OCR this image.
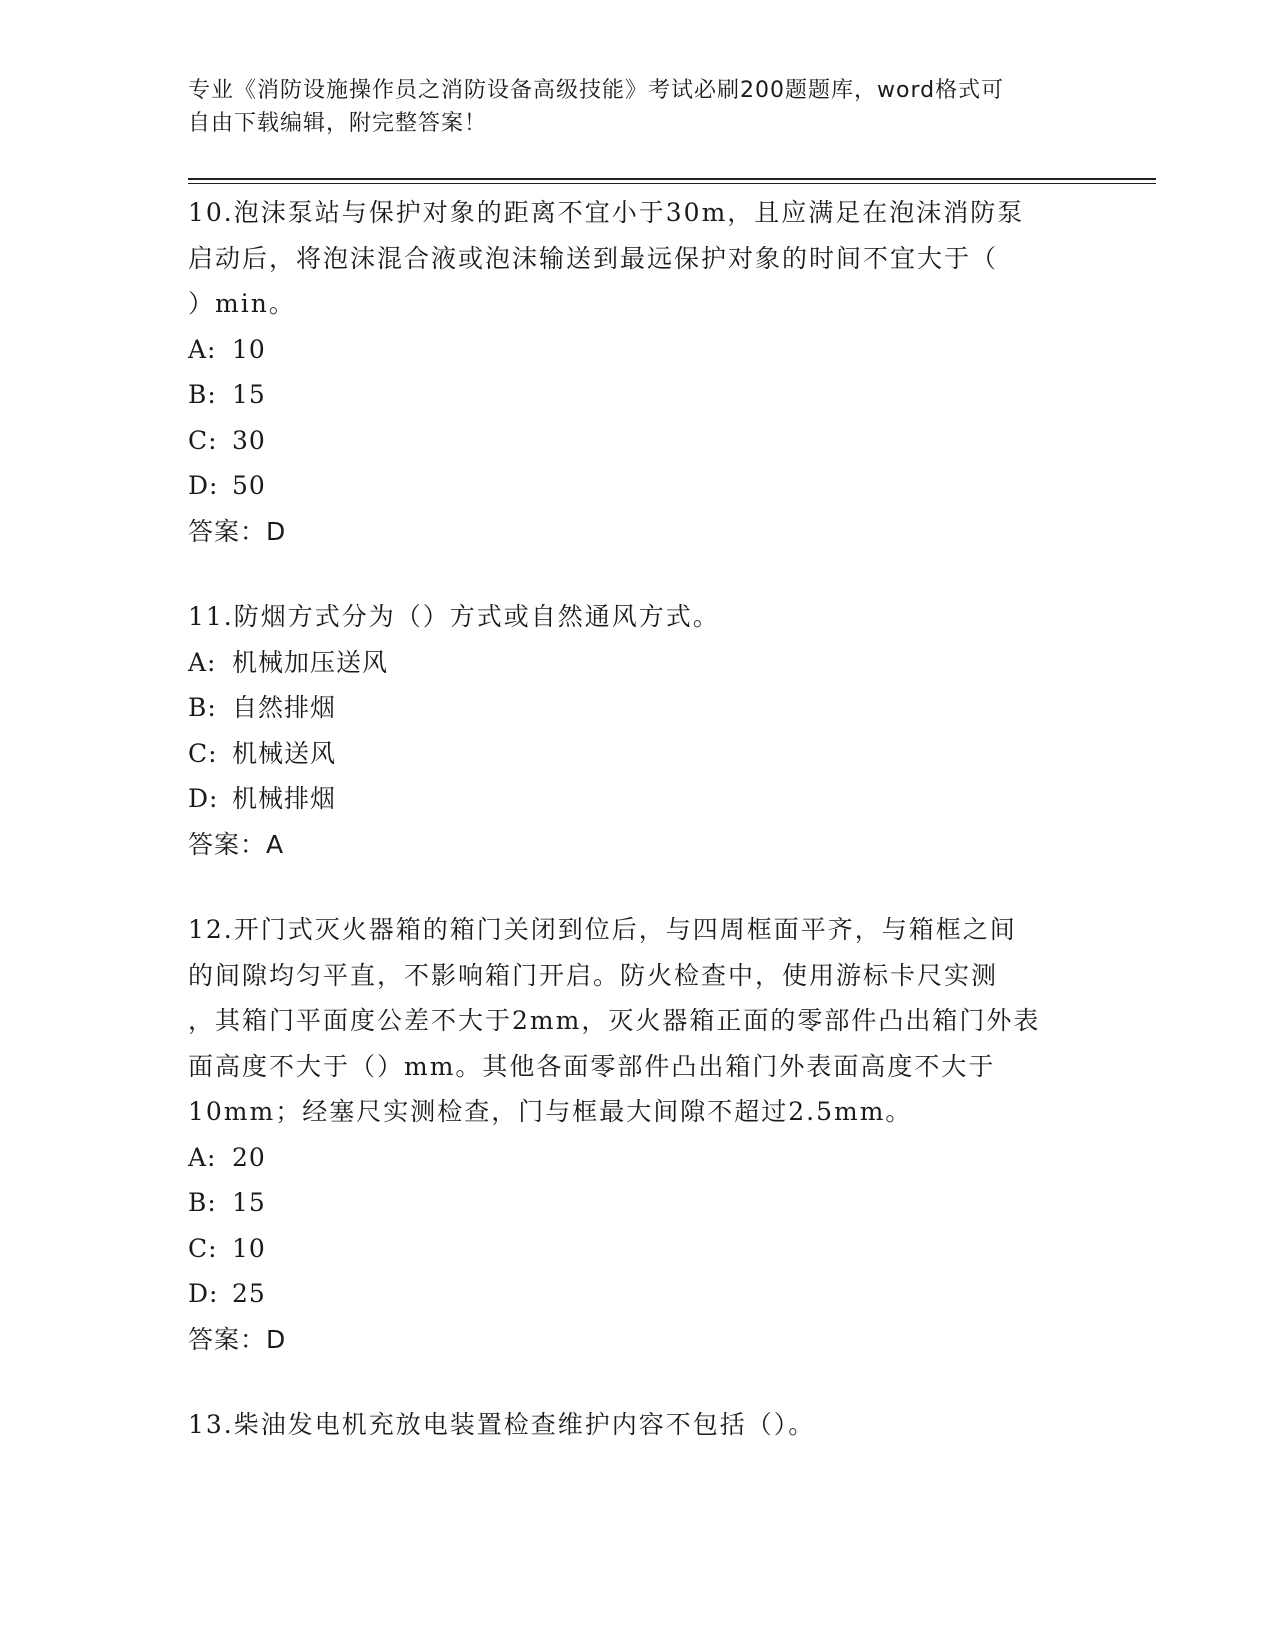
专业《消防设施操作员之消防设备高级技能》考试必刷200题题库，word格式可
自由下载编辑，附完整答案！

10.泡沫泵站与保护对象的距离不宜小于30m，且应满足在泡沫消防泵
启动后，将泡沫混合液或泡沫输送到最远保护对象的时间不宜大于（
）min。

A: 10
B: 15
C: 30
D: 50

答案：D

11.防烟方式分为（）方式或自然通风方式。

A: 机械加压送风
B: 自然排烟
C: 机械送风
D: 机械排烟

答案：A

12.开门式灭火器箱的箱门关闭到位后，与四周框面平齐，与箱框之间
的间隙均匀平直，不影响箱门开启。防火检查中，使用游标卡尺实测
，其箱门平面度公差不大于2mm，灭火器箱正面的零部件凸出箱门外表
面高度不大于（）mm。其他各面零部件凸出箱门外表面高度不大于
10mm；经塞尺实测检查，门与框最大间隙不超过2.5mm。

A: 20
B: 15
C: 10
D: 25

答案：D

13.柴油发电机充放电装置检查维护内容不包括（）。
